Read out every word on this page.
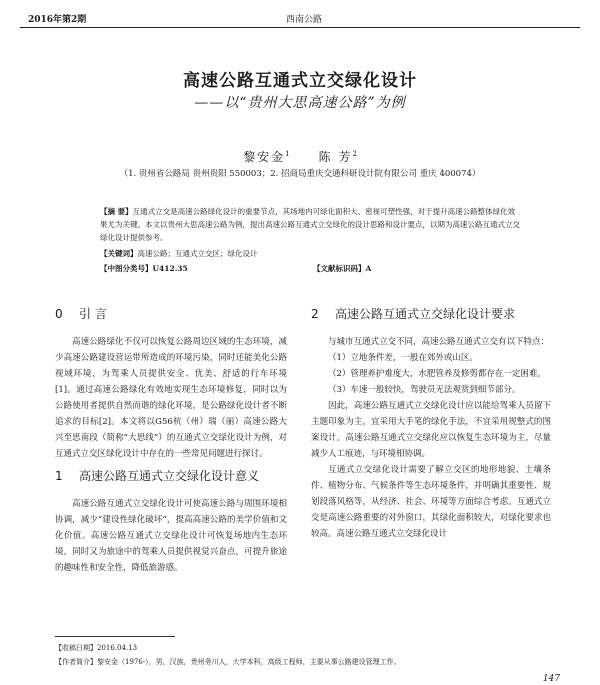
2016年第2期	西南公路
高速公路互通式立交绿化设计
——以“贵州大思高速公路”为例
黎安金$^1$ 陈 芳$^2$
（1. 贵州省公路局 贵州贵阳 550003；2. 招商局重庆交通科研设计院有限公司 重庆 400074）
【摘 要】互通式立交是高速公路绿化设计的重要节点，其场地内可绿化面积大、密视可塑性强，对于提升高速公路整体绿化效果尤为关键。本文以贵州大思高速公路为例，提出高速公路互通式立交绿化的设计思路和设计要点，以期为高速公路互通式立交绿化设计提供参考。
【关键词】高速公路；互通式立交区；绿化设计
【中图分类号】U412.35	【文献标识码】A
0 引 言

高速公路绿化不仅可以恢复公路周边区域的生态环境，减少高速公路建设营运带所造成的环境污染，同时还能美化公路视域环境，为驾乘人员提供安全、优美、舒适的行车环境[1]。通过高速公路绿化有效地实现生态环境修复，同时以为公路使用者提供自然而谐的绿化环境，是公路绿化设计者不断追求的目标[2]。本文将以G56杭（州）瑞（丽）高速公路大兴至思南段（简称“大思线”）的互通式立交绿化设计为例，对互通式立交区绿化设计中存在的一些常见问题进行探讨。

1 高速公路互通式立交绿化设计意义

高速公路互通式立交绿化设计可使高速公路与周围环境相协调，减少“建设性绿化破坏”，提高高速公路的美学价值和文化价值。高速公路互通式立交绿化设计可恢复场地内生态环境，同时又为旅途中的驾乘人员提供视觉兴奋点，可提升旅途的趣味性和安全性，降低旅游感。

2 高速公路互通式立交绿化设计要求

与城市互通式立交不同，高速公路互通式立交有以下特点：

（1）立地条件差，一般在郊外或山区。

（2）管理养护难度大，水肥管养及修剪都存在一定困难。

（3）车速一般较快，驾驶员无法观赏到细节部分。

因此，高速公路互通式立交绿化设计应以能给驾乘人员留下主题印象为主，宜采用大手笔的绿化手法，不宜采用规整式的图案设计。高速公路互通式立交绿化应以恢复生态环境为主，尽量减少人工痕迹，与环境相协调。

互通式立交绿化设计需要了解立交区的地形地貌、土壤条件、植物分布、气候条件等生态环境条件，并明确其重要性、规划段落风格等，从经济、社会、环境等方面综合考虑。互通式立交是高速公路重要的对外窗口，其绿化面积较大，对绿化要求也较高。高速公路互通式立交绿化设计

【收稿日期】2016.04.13
【作者简介】黎安金（1976-），男，汉族，贵州务川人，大学本科，高级工程师，主要从事公路建设管理工作。
147
